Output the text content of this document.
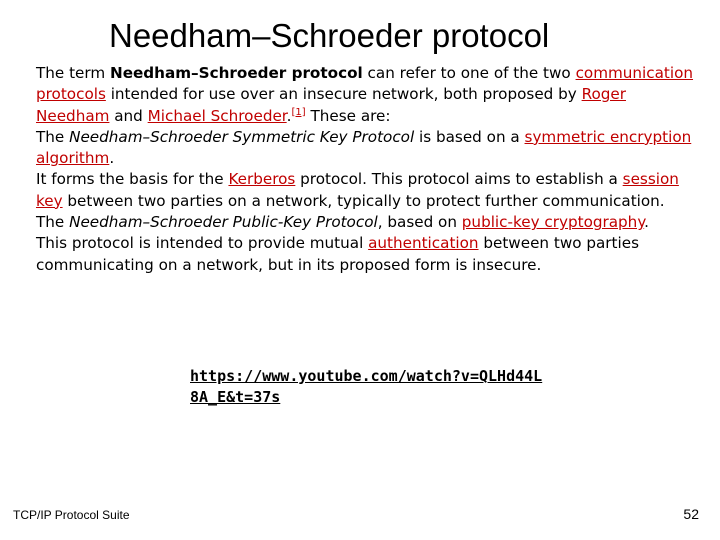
Needham–Schroeder protocol

The term Needham–Schroeder protocol can refer to one of the two communication protocols intended for use over an insecure network, both proposed by Roger Needham and Michael Schroeder.[1] These are:

The Needham–Schroeder Symmetric Key Protocol is based on a symmetric encryption algorithm.

It forms the basis for the Kerberos protocol. This protocol aims to establish a session key between two parties on a network, typically to protect further communication.

The Needham–Schroeder Public-Key Protocol, based on public-key cryptography.

This protocol is intended to provide mutual authentication between two parties communicating on a network, but in its proposed form is insecure.

https://www.youtube.com/watch?v=QLHd44L8A_E&t=37s
TCP/IP Protocol Suite	52
